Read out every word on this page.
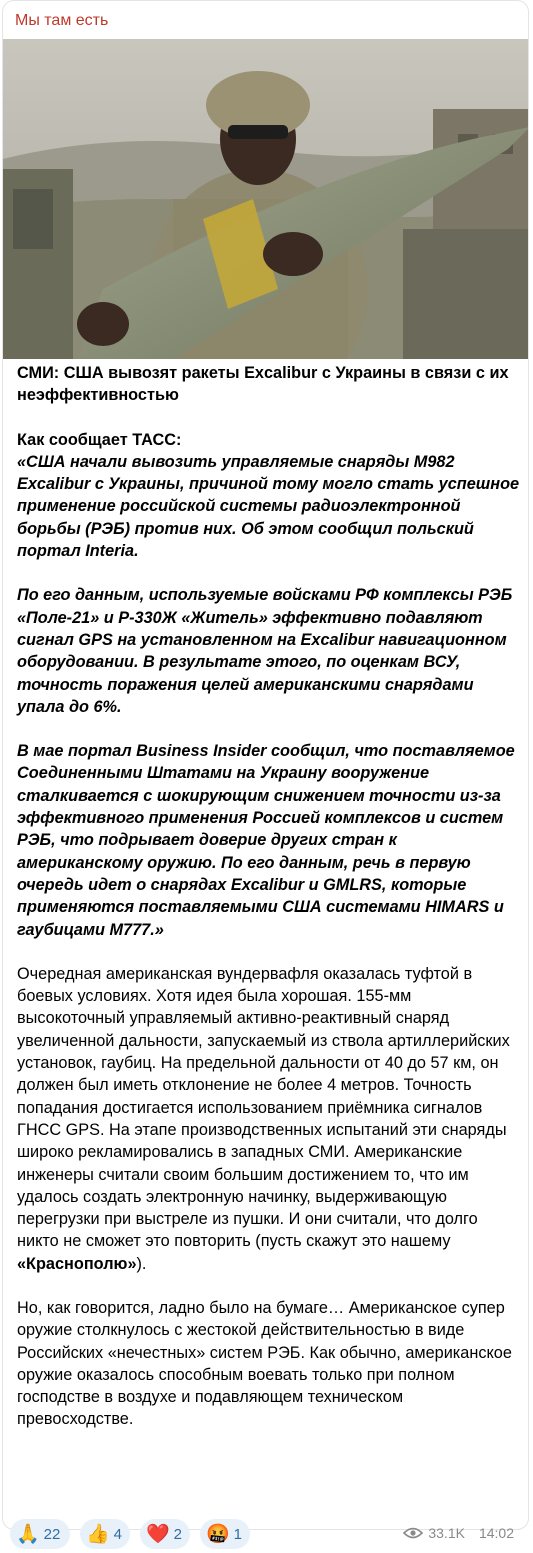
Мы там есть

СМИ: США вывозят ракеты Excalibur с Украины в связи с их неэффективностью

Как сообщает ТАСС:

«США начали вывозить управляемые снаряды М982 Excalibur с Украины, причиной тому могло стать успешное применение российской системы радиоэлектронной борьбы (РЭБ) против них. Об этом сообщил польский портал Interia.

По его данным, используемые войсками РФ комплексы РЭБ «Поле-21» и Р-330Ж «Житель» эффективно подавляют сигнал GPS на установленном на Excalibur навигационном оборудовании. В результате этого, по оценкам ВСУ, точность поражения целей американскими снарядами упала до 6%.

В мае портал Business Insider сообщил, что поставляемое Соединенными Штатами на Украину вооружение сталкивается с шокирующим снижением точности из-за эффективного применения Россией комплексов и систем РЭБ, что подрывает доверие других стран к американскому оружию. По его данным, речь в первую очередь идет о снарядах Excalibur и GMLRS, которые применяются поставляемыми США системами HIMARS и гаубицами М777.»

Очередная американская вундервафля оказалась туфтой в боевых условиях. Хотя идея была хорошая. 155-мм высокоточный управляемый активно-реактивный снаряд увеличенной дальности, запускаемый из ствола артиллерийских установок, гаубиц. На предельной дальности от 40 до 57 км, он должен был иметь отклонение не более 4 метров. Точность попадания достигается использованием приёмника сигналов ГНСС GPS. На этапе производственных испытаний эти снаряды широко рекламировались в западных СМИ. Американские инженеры считали своим большим достижением то, что им удалось создать электронную начинку, выдерживающую перегрузки при выстреле из пушки. И они считали, что долго никто не сможет это повторить (пусть скажут это нашему «Краснополю»).

Но, как говорится, ладно было на бумаге… Американское супер оружие столкнулось с жестокой действительностью в виде Российских «нечестных» систем РЭБ. Как обычно, американское оружие оказалось способным воевать только при полном господстве в воздухе и подавляющем техническом превосходстве.

🙏 22 👍 4 ❤️ 2 🤬 1	33.1K 14:02
